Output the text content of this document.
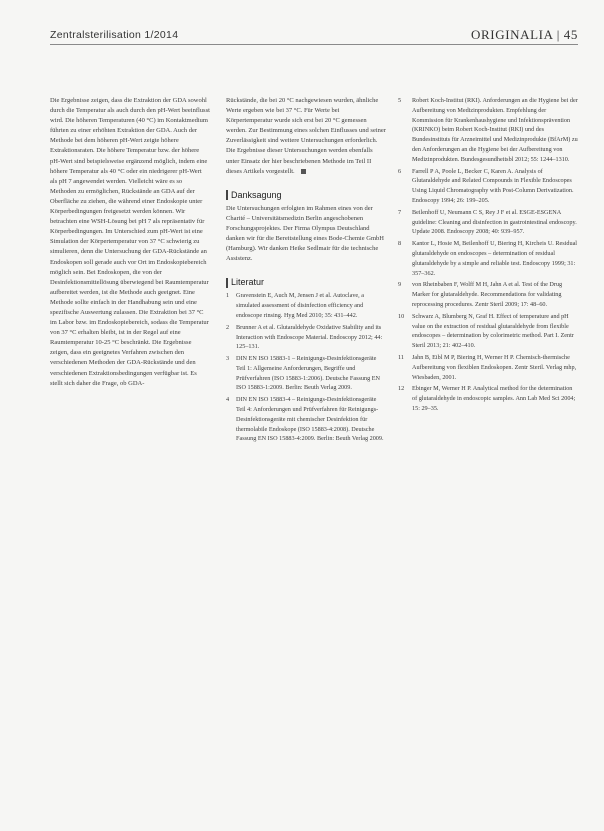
Zentralsterilisation 1/2014	ORIGINALIA | 45

Die Ergebnisse zeigen, dass die Extraktion der GDA sowohl durch die Temperatur als auch durch den pH-Wert beeinflusst wird. Die höheren Temperaturen (40 °C) im Kontaktmedium führten zu einer erhöhten Extraktion der GDA. Auch der Methode bei dem höheren pH-Wert zeigte höhere Extraktionsraten. Die höhere Temperatur bzw. der höhere pH-Wert sind beispielsweise ergänzend möglich, indem eine höhere Temperatur als 40 °C oder ein niedrigerer pH-Wert als pH 7 angewendet werden. Vielleicht wäre es so Methoden zu ermöglichen, Rückstände an GDA auf der Oberfläche zu ziehen, die während einer Endoskopie unter Körperbedingungen freigesetzt werden können. Wir betrachten eine WSH-Lösung bei pH 7 als repräsentativ für Körperbedingungen. Im Unterschied zum pH-Wert ist eine Simulation der Körpertemperatur von 37 °C schwierig zu simulieren, denn die Untersuchung der GDA-Rückstände an Endoskopen soll gerade auch vor Ort im Endoskopiebereich möglich sein. Bei Endoskopen, die von der Desinfektionsmittellösung überwiegend bei Raumtemperatur aufbereitet werden, ist die Methode auch geeignet. Eine Methode sollte einfach in der Handhabung sein und eine spezifische Auswertung zulassen. Die Extraktion bei 37 °C im Labor bzw. im Endoskopiebereich, sodass die Temperatur von 37 °C erhalten bleibt, ist in der Regel auf eine Raumtemperatur 10-25 °C beschränkt. Die Ergebnisse zeigen, dass ein geeignetes Verfahren zwischen den verschiedenen Methoden der GDA-Rückstände und den verschiedenen Extraktionsbedingungen verfügbar ist. Es stellt sich daher die Frage, ob GDA-

Rückstände, die bei 20 °C nachgewiesen wurden, ähnliche Werte ergeben wie bei 37 °C. Für Werte bei Körpertemperatur wurde sich erst bei 20 °C gemessen werden. Zur Bestimmung eines solchen Einflusses und seiner Zuverlässigkeit sind weitere Untersuchungen erforderlich. Die Ergebnisse dieser Untersuchungen werden ebenfalls unter Einsatz der hier beschriebenen Methode im Teil II dieses Artikels vorgestellt.

Danksagung

Die Untersuchungen erfolgten im Rahmen eines von der Charité – Universitätsmedizin Berlin angeschobenen Forschungsprojektes. Der Firma Olympus Deutschland danken wir für die Bereitstellung eines Bode-Chemie GmbH (Hamburg). Wir danken Heike Sedlmair für die technische Assistenz.

Literatur
1 Gravenstein E, Auch M, Jensen J et al. Autoclave, a simulated assessment of disinfection efficiency and endoscope rinsing. Hyg Med 2010; 35: 431–442.
2 Brunner A et al. Glutaraldehyde Oxidative Stability and its Interaction with Endoscope Material. Endoscopy 2012; 44: 125–131.
3 DIN EN ISO 15883-1 – Reinigungs-Desinfektionsgeräte Teil 1: Allgemeine Anforderungen, Begriffe und Prüfverfahren (ISO 15883-1:2006). Deutsche Fassung EN ISO 15883-1:2009. Berlin: Beuth Verlag 2009.
4 DIN EN ISO 15883-4 – Reinigungs-Desinfektionsgeräte Teil 4: Anforderungen und Prüfverfahren für Reinigungs-Desinfektionsgeräte mit chemischer Desinfektion für thermolabile Endoskope (ISO 15883-4:2008). Deutsche Fassung EN ISO 15883-4:2009. Berlin: Beuth Verlag 2009.
5 Robert Koch-Institut (RKI). Anforderungen an die Hygiene bei der Aufbereitung von Medizinprodukten. Empfehlung der Kommission für Krankenhaushygiene und Infektionsprävention (KRINKO) beim Robert Koch-Institut (RKI) und des Bundesinstituts für Arzneimittel und Medizinprodukte (BfArM) zu den Anforderungen an die Hygiene bei der Aufbereitung von Medizinprodukten. Bundesgesundheitsbl 2012; 55: 1244–1310.
6 Farrell P A, Poole L, Becker C, Karen A. Analysis of Glutaraldehyde and Related Compounds in Flexible Endoscopes Using Liquid Chromatography with Post-Column Derivatization. Endoscopy 1994; 26: 199–205.
7 Beilenhoff U, Neumann C S, Rey J F et al. ESGE-ESGENA guideline: Cleaning and disinfection in gastrointestinal endoscopy. Update 2008. Endoscopy 2008; 40: 939–957.
8 Kantor L, Hosie M, Beilenhoff U, Biering H, Kircheis U. Residual glutaraldehyde on endoscopes – determination of residual glutaraldehyde by a simple and reliable test. Endoscopy 1999; 31: 357–362.
9 von Rheinbaben F, Wolff M H, Jahn A et al. Test of the Drug Marker for glutaraldehyde. Recommendations for validating reprocessing procedures. Zentr Steril 2009; 17: 48–60.
10 Schwarz A, Blumberg N, Graf H. Effect of temperature and pH value on the extraction of residual glutaraldehyde from flexible endoscopes – determination by colorimetric method. Part I. Zentr Steril 2013; 21: 402–410.
11 Jahn B, Eibl M P, Biering H, Werner H P. Chemisch-thermische Aufbereitung von flexiblen Endoskopen. Zentr Steril. Verlag mhp, Wiesbaden, 2001.
12 Ebinger M, Werner H P. Analytical method for the determination of glutaraldehyde in endoscopic samples. Ann Lab Med Sci 2004; 15: 29–35.
